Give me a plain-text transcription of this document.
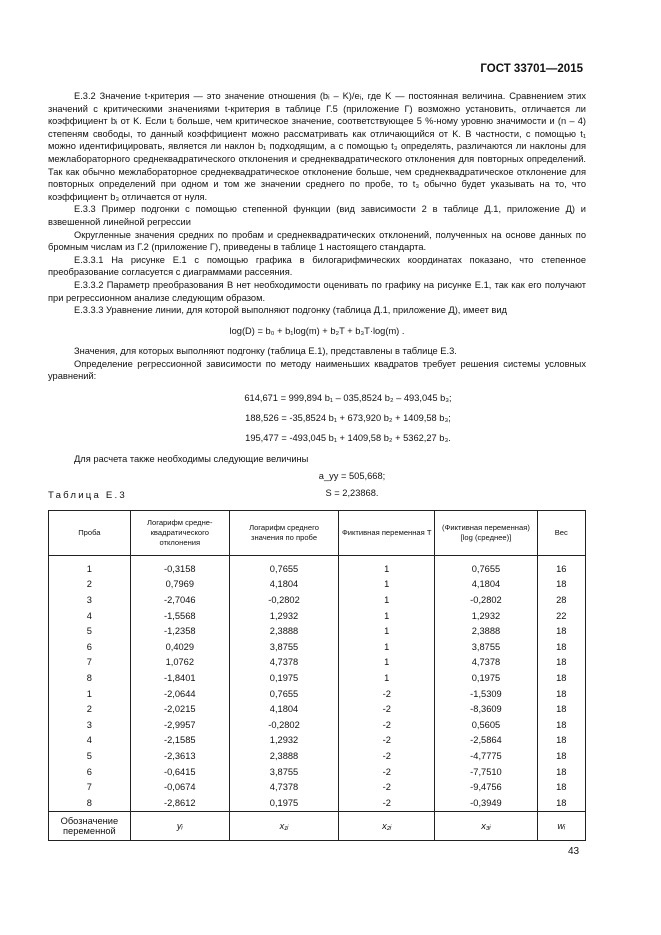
ГОСТ 33701—2015

Е.3.2 Значение t-критерия — это значение отношения (bᵢ – K)/eᵢ, где K — постоянная величина. Сравнением этих значений с критическими значениями t-критерия в таблице Г.5 (приложение Г) возможно установить, отличается ли коэффициент bᵢ от K. Если tᵢ больше, чем критическое значение, соответствующее 5 %-ному уровню значимости и (n – 4) степеням свободы, то данный коэффициент можно рассматривать как отличающийся от K. В частности, с помощью t₁ можно идентифицировать, является ли наклон b₁ подходящим, а с помощью t₃ определять, различаются ли наклоны для межлабораторного среднеквадратического отклонения и среднеквадратического отклонения для повторных определений. Так как обычно межлабораторное среднеквадратическое отклонение больше, чем среднеквадратическое отклонение для повторных определений при одном и том же значении среднего по пробе, то t₃ обычно будет указывать на то, что коэффициент b₃ отличается от нуля.

Е.3.3 Пример подгонки с помощью степенной функции (вид зависимости 2 в таблице Д.1, приложение Д) и взвешенной линейной регрессии

Округленные значения средних по пробам и среднеквадратических отклонений, полученных на основе данных по бромным числам из Г.2 (приложение Г), приведены в таблице 1 настоящего стандарта.

Е.3.3.1 На рисунке Е.1 с помощью графика в билогарифмических координатах показано, что степенное преобразование согласуется с диаграммами рассеяния.

Е.3.3.2 Параметр преобразования B нет необходимости оценивать по графику на рисунке Е.1, так как его получают при регрессионном анализе следующим образом.

Е.3.3.3 Уравнение линии, для которой выполняют подгонку (таблица Д.1, приложение Д), имеет вид

log(D) = b₀ + b₁log(m) + b₂T + b₃T·log(m) .

Значения, для которых выполняют подгонку (таблица Е.1), представлены в таблице Е.3.

Определение регрессионной зависимости по методу наименьших квадратов требует решения системы условных уравнений:

614,671 = 999,894 b₁ – 035,8524 b₂ – 493,045 b₃;
188,526 = -35,8524 b₁ + 673,920 b₂ + 1409,58 b₃;
195,477 = -493,045 b₁ + 1409,58 b₂ + 5362,27 b₃.

Для расчета также необходимы следующие величины

a_yy = 505,668;
S = 2,23868.
Таблица Е.3
Проба	Логарифм среднеквадратического отклонения	Логарифм среднего значения по пробе	Фиктивная переменная T	(Фиктивная переменная) [log (среднее)]	Вес
1	-0,3158	0,7655	1	0,7655	16
2	0,7969	4,1804	1	4,1804	18
3	-2,7046	-0,2802	1	-0,2802	28
4	-1,5568	1,2932	1	1,2932	22
5	-1,2358	2,3888	1	2,3888	18
6	0,4029	3,8755	1	3,8755	18
7	1,0762	4,7378	1	4,7378	18
8	-1,8401	0,1975	1	0,1975	18
1	-2,0644	0,7655	-2	-1,5309	18
2	-2,0215	4,1804	-2	-8,3609	18
3	-2,9957	-0,2802	-2	0,5605	18
4	-2,1585	1,2932	-2	-2,5864	18
5	-2,3613	2,3888	-2	-4,7775	18
6	-0,6415	3,8755	-2	-7,7510	18
7	-0,0674	4,7378	-2	-9,4756	18
8	-2,8612	0,1975	-2	-0,3949	18
Обозначение переменной	yᵢ	x₁ᵢ	x₂ᵢ	x₃ᵢ	wᵢ
43
